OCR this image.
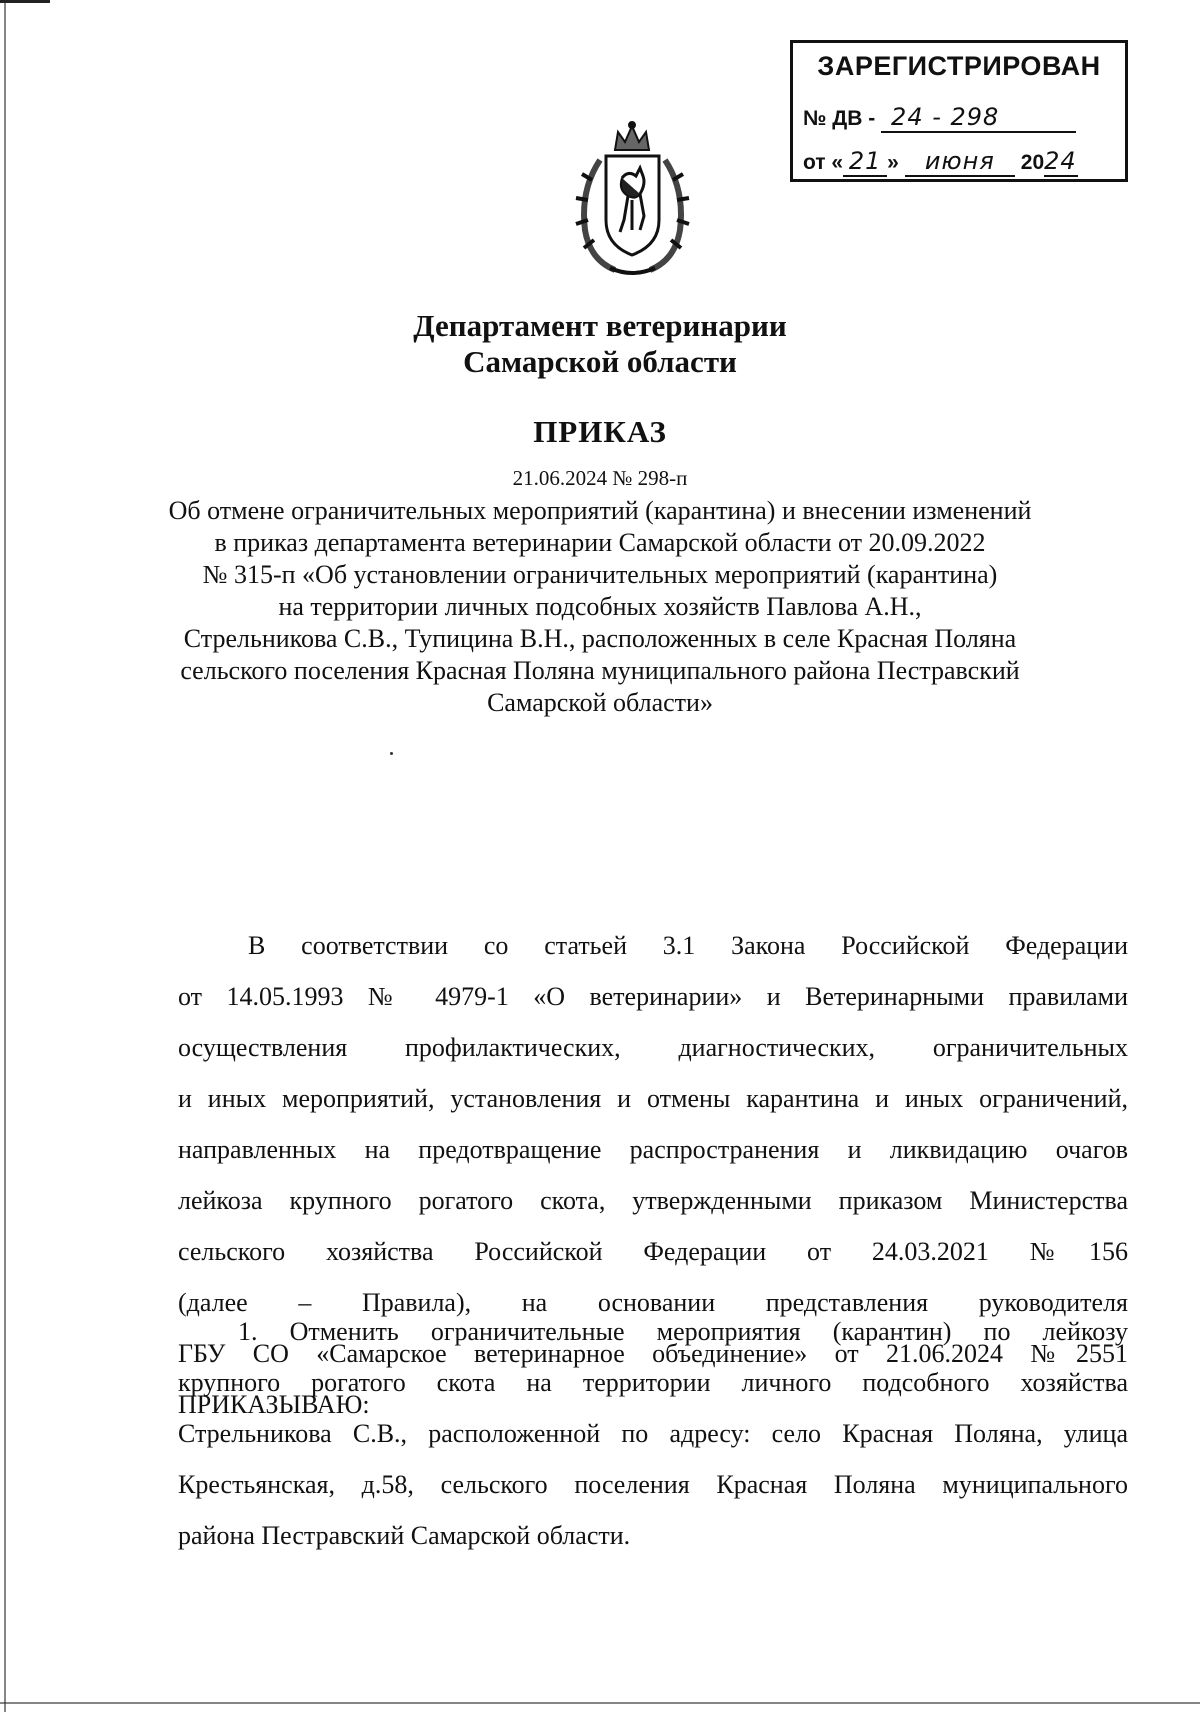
ЗАРЕГИСТРИРОВАН
№ ДВ - 24 - 298
от « 21 » июня 2024
Департамент ветеринарии
Самарской области
ПРИКАЗ
21.06.2024 № 298-п
Об отмене ограничительных мероприятий (карантина) и внесении изменений
в приказ департамента ветеринарии Самарской области от 20.09.2022
№ 315-п «Об установлении ограничительных мероприятий (карантина)
на территории личных подсобных хозяйств Павлова А.Н.,
Стрельникова С.В., Тупицина В.Н., расположенных в селе Красная Поляна
сельского поселения Красная Поляна муниципального района Пестравский
Самарской области»
В соответствии со статьей 3.1 Закона Российской Федерации
от 14.05.1993 № 4979-1 «О ветеринарии» и Ветеринарными правилами
осуществления профилактических, диагностических, ограничительных
и иных мероприятий, установления и отмены карантина и иных ограничений,
направленных на предотвращение распространения и ликвидацию очагов
лейкоза крупного рогатого скота, утвержденными приказом Министерства
сельского хозяйства Российской Федерации от 24.03.2021 №156
(далее – Правила), на основании представления руководителя
ГБУ СО «Самарское ветеринарное объединение» от 21.06.2024 №2551
ПРИКАЗЫВАЮ:
1. Отменить ограничительные мероприятия (карантин) по лейкозу
крупного рогатого скота на территории личного подсобного хозяйства
Стрельникова С.В., расположенной по адресу: село Красная Поляна, улица
Крестьянская, д.58, сельского поселения Красная Поляна муниципального
района Пестравский Самарской области.
